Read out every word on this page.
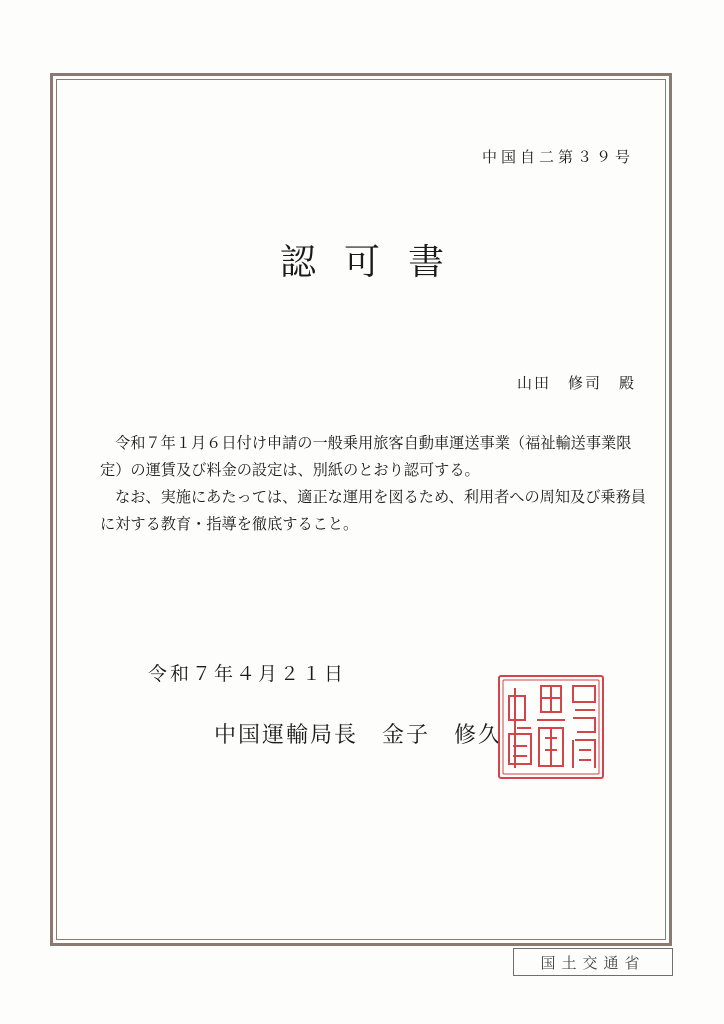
中国自二第３９号
認可書
山田　修司　殿

令和７年１月６日付け申請の一般乗用旅客自動車運送事業（福祉輸送事業限定）の運賃及び料金の設定は、別紙のとおり認可する。

なお、実施にあたっては、適正な運用を図るため、利用者への周知及び乗務員に対する教育・指導を徹底すること。

令和７年４月２１日
中国運輸局長　金子　修久
国土交通省
